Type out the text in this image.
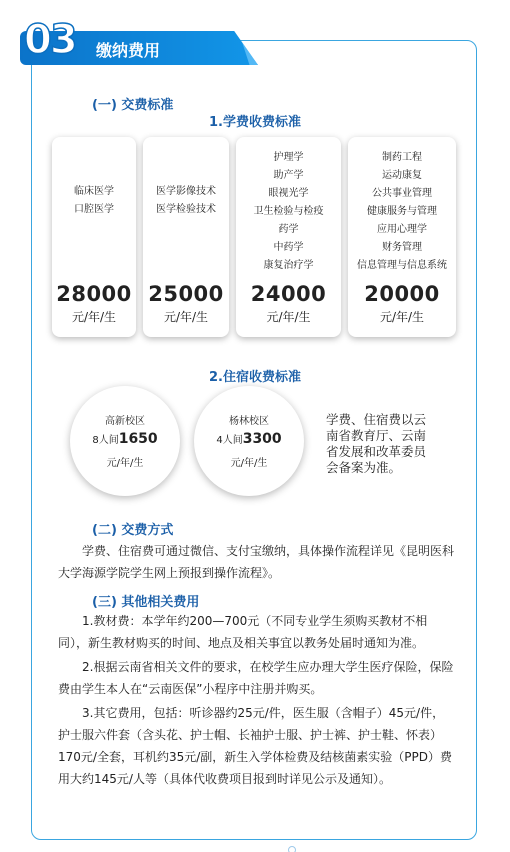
03 缴纳费用
(一) 交费标准
1.学费收费标准
临床医学
口腔医学
28000
元/年/生
医学影像技术
医学检验技术
25000
元/年/生
护理学
助产学
眼视光学
卫生检验与检疫
药学
中药学
康复治疗学
24000
元/年/生
制药工程
运动康复
公共事业管理
健康服务与管理
应用心理学
财务管理
信息管理与信息系统
20000
元/年/生
2.住宿收费标准
高新校区
8人间1650
元/年/生
杨林校区
4人间3300
元/年/生
学费、住宿费以云南省教育厅、云南省发展和改革委员会备案为准。
(二) 交费方式
学费、住宿费可通过微信、支付宝缴纳，具体操作流程详见《昆明医科大学海源学院学生网上预报到操作流程》。
(三) 其他相关费用
1.教材费：本学年约200—700元（不同专业学生须购买教材不相同），新生教材购买的时间、地点及相关事宜以教务处届时通知为准。
2.根据云南省相关文件的要求，在校学生应办理大学生医疗保险，保险费由学生本人在“云南医保”小程序中注册并购买。
3.其它费用，包括：听诊器约25元/件，医生服（含帽子）45元/件，护士服六件套（含头花、护士帽、长袖护士服、护士裤、护士鞋、怀表）170元/全套，耳机约35元/副，新生入学体检费及结核菌素实验（PPD）费用大约145元/人等（具体代收费项目报到时详见公示及通知）。
